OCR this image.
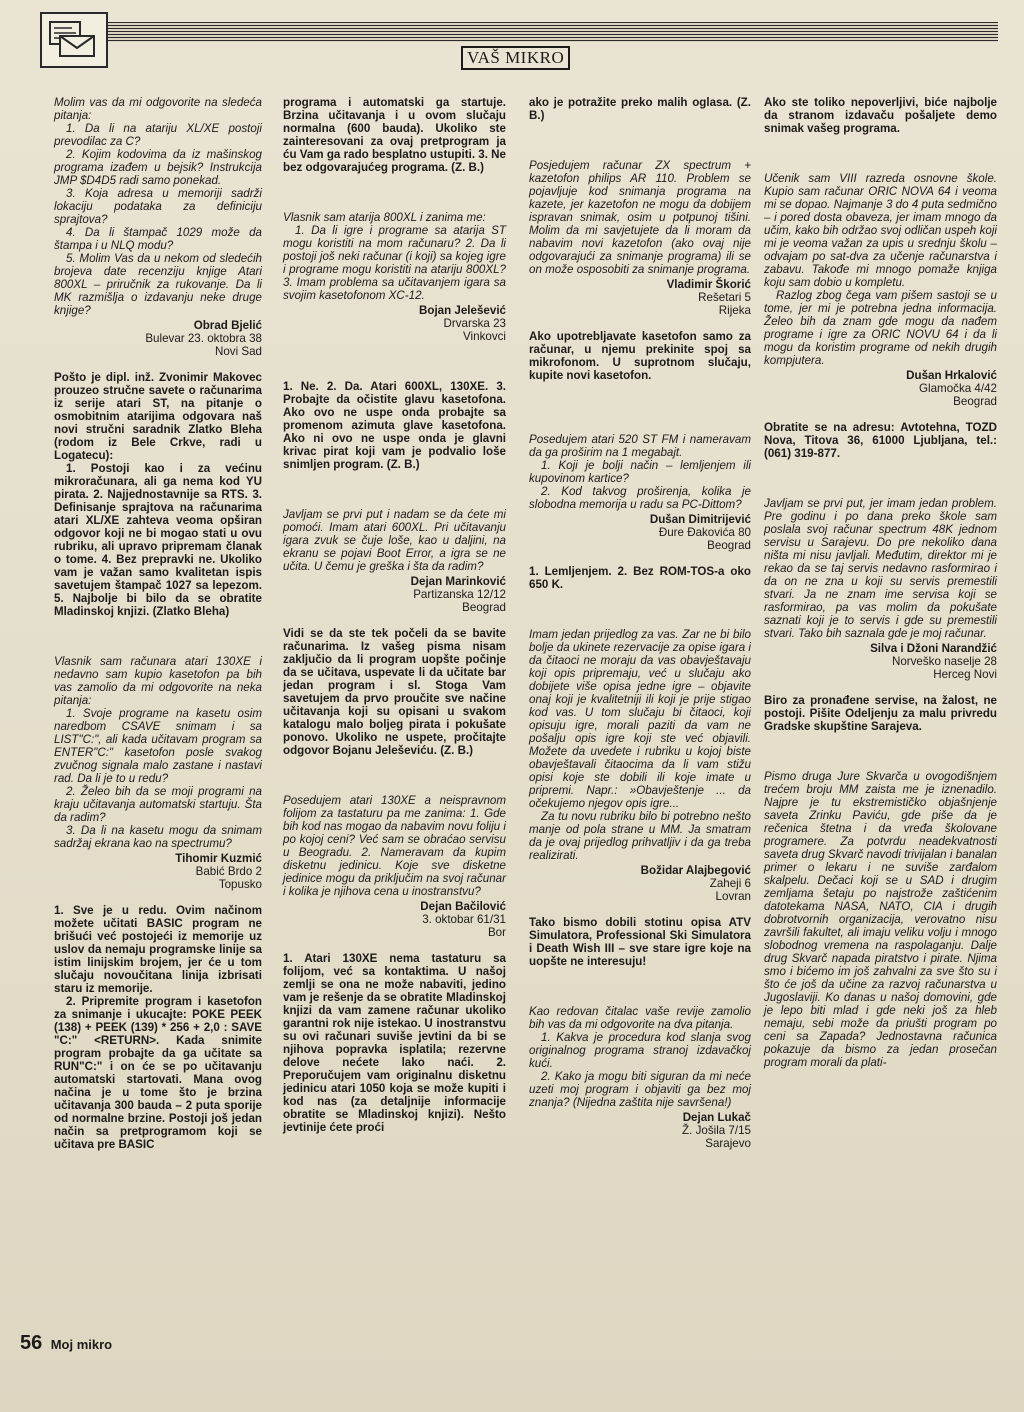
VAŠ MIKRO

Molim vas da mi odgovorite na sledeća pitanja:

1. Da li na atariju XL/XE postoji prevodilac za C?

2. Kojim kodovima da iz mašinskog programa izađem u bejsik? Instrukcija JMP $D4D5 radi samo ponekad.

3. Koja adresa u memoriji sadrži lokaciju podataka za definiciju sprajtova?

4. Da li štampač 1029 može da štampa i u NLQ modu?

5. Molim Vas da u nekom od sledećih brojeva date recenziju knjige Atari 800XL – priručnik za rukovanje. Da li MK razmišlja o izdavanju neke druge knjige?

Obrad Bjelić
Bulevar 23. oktobra 38
Novi Sad

Pošto je dipl. inž. Zvonimir Makovec prouzeo stručne savete o računarima iz serije atari ST, na pitanje o osmobitnim atarijima odgovara naš novi stručni saradnik Zlatko Bleha (rodom iz Bele Crkve, radi u Logatecu):

1. Postoji kao i za većinu mikroračunara, ali ga nema kod YU pirata. 2. Najjednostavnije sa RTS. 3. Definisanje sprajtova na računarima atari XL/XE zahteva veoma opširan odgovor koji ne bi mogao stati u ovu rubriku, ali upravo pripremam članak o tome. 4. Bez prepravki ne. Ukoliko vam je važan samo kvalitetan ispis savetujem štampač 1027 sa lepezom. 5. Najbolje bi bilo da se obratite Mladinskoj knjizi. (Zlatko Bleha)

Vlasnik sam računara atari 130XE i nedavno sam kupio kasetofon pa bih vas zamolio da mi odgovorite na neka pitanja:

1. Svoje programe na kasetu osim naredbom CSAVE snimam i sa LIST"C:", ali kada učitavam program sa ENTER"C:" kasetofon posle svakog zvučnog signala malo zastane i nastavi rad. Da li je to u redu?

2. Želeo bih da se moji programi na kraju učitavanja automatski startuju. Šta da radim?

3. Da li na kasetu mogu da snimam sadržaj ekrana kao na spectrumu?

Tihomir Kuzmić
Babić Brdo 2
Topusko

1. Sve je u redu. Ovim načinom možete učitati BASIC program ne brišući već postojeći iz memorije uz uslov da nemaju programske linije sa istim linijskim brojem, jer će u tom slučaju novoučitana linija izbrisati staru iz memorije.

2. Pripremite program i kasetofon za snimanje i ukucajte: POKE PEEK (138) + PEEK (139) * 256 + 2,0 : SAVE "C:" <RETURN>. Kada snimite program probajte da ga učitate sa RUN"C:" i on će se po učitavanju automatski startovati. Mana ovog načina je u tome što je brzina učitavanja 300 bauda – 2 puta sporije od normalne brzine. Postoji još jedan način sa pretprogramom koji se učitava pre BASIC

programa i automatski ga startuje. Brzina učitavanja i u ovom slučaju normalna (600 bauda). Ukoliko ste zainteresovani za ovaj pretprogram ja ću Vam ga rado besplatno ustupiti. 3. Ne bez odgovarajućeg programa. (Z. B.)

Vlasnik sam atarija 800XL i zanima me:

1. Da li igre i programe sa atarija ST mogu koristiti na mom računaru? 2. Da li postoji još neki računar (i koji) sa kojeg igre i programe mogu koristiti na atariju 800XL? 3. Imam problema sa učitavanjem igara sa svojim kasetofonom XC-12.

Bojan Jelešević
Drvarska 23
Vinkovci

1. Ne. 2. Da. Atari 600XL, 130XE. 3. Probajte da očistite glavu kasetofona. Ako ovo ne uspe onda probajte sa promenom azimuta glave kasetofona. Ako ni ovo ne uspe onda je glavni krivac pirat koji vam je podvalio loše snimljen program. (Z. B.)

Javljam se prvi put i nadam se da ćete mi pomoći. Imam atari 600XL. Pri učitavanju igara zvuk se čuje lošе, kao u daljini, na ekranu se pojavi Boot Error, a igra se ne učita. U čemu je greška i šta da radim?

Dejan Marinković
Partizanska 12/12
Beograd

Vidi se da ste tek počeli da se bavite računarima. Iz vašeg pisma nisam zaključio da li program uopšte počinje da se učitava, uspevate li da učitate bar jedan program i sl. Stoga Vam savetujem da prvo proučite sve načine učitavanja koji su opisani u svakom katalogu malo boljeg pirata i pokušate ponovo. Ukoliko ne uspete, pročitajte odgovor Bojanu Jeleševiću. (Z. B.)

Posedujem atari 130XE a neispravnom folijom za tastaturu pa me zanima: 1. Gde bih kod nas mogao da nabavim novu foliju i po kojoj ceni? Već sam se obraćao servisu u Beogradu. 2. Nameravam da kupim disketnu jedinicu. Koje sve disketne jedinice mogu da priključim na svoj računar i kolika je njihova cena u inostranstvu?

Dejan Bačilović
3. oktobar 61/31
Bor

1. Atari 130XE nema tastaturu sa folijom, već sa kontaktima. U našoj zemlji se ona ne može nabaviti, jedino vam je rešenje da se obratite Mladinskoj knjizi da vam zamene računar ukoliko garantni rok nije istekao. U inostranstvu su ovi računari suviše jevtini da bi se njihova popravka isplatila; rezervne delove nećete lako naći. 2. Preporučujem vam originalnu disketnu jedinicu atari 1050 koja se može kupiti i kod nas (za detaljnije informacije obratite se Mladinskoj knjizi). Nešto jevtinije ćete proći

ako je potražite preko malih oglasa. (Z. B.)

Posjedujem računar ZX spectrum + kazetofon philips AR 110. Problem se pojavljuje kod snimanja programa na kazete, jer kazetofon ne mogu da dobijem ispravan snimak, osim u potpunoj tišini. Molim da mi savjetujete da li moram da nabavim novi kazetofon (ako ovaj nije odgovarajući za snimanje programa) ili se on može osposobiti za snimanje programa.

Vladimir Škorić
Rešetari 5
Rijeka

Ako upotrebljavate kasetofon samo za računar, u njemu prekinite spoj sa mikrofonom. U suprotnom slučaju, kupite novi kasetofon.

Posedujem atari 520 ST FM i nameravam da ga proširim na 1 megabajt.

1. Koji je bolji način – lemljenjem ili kupovinom kartice?

2. Kod takvog proširenja, kolika je slobodna memorija u radu sa PC-Dittom?

Dušan Dimitrijević
Đure Đakovića 80
Beograd

1. Lemljenjem. 2. Bez ROM-TOS-a oko 650 K.

Imam jedan prijedlog za vas. Zar ne bi bilo bolje da ukinete rezervacije za opise igara i da čitaoci ne moraju da vas obavještavaju koji opis pripremaju, već u slučaju ako dobijete više opisa jedne igre – objavite onaj koji je kvalitetniji ili koji je prije stigao kod vas. U tom slučaju bi čitaoci, koji opisuju igre, morali paziti da vam ne pošalju opis igre koji ste već objavili. Možete da uvedete i rubriku u kojoj biste obavještavali čitaocima da li vam stižu opisi koje ste dobili ili koje imate u pripremi. Napr.: »Obavještenje ... da očekujemo njegov opis igre...

Za tu novu rubriku bilo bi potrebno nešto manje od pola strane u MM. Ja smatram da je ovaj prijedlog prihvatljiv i da ga treba realizirati.

Božidar Alajbegović
Zaheji 6
Lovran

Tako bismo dobili stotinu opisa ATV Simulatora, Professional Ski Simulatora i Death Wish III – sve stare igre koje na uopšte ne interesuju!

Kao redovan čitalac vaše revije zamolio bih vas da mi odgovorite na dva pitanja.

1. Kakva je procedura kod slanja svog originalnog programa stranoj izdavačkoj kući.

2. Kako ja mogu biti siguran da mi neće uzeti moj program i objaviti ga bez moj znanja? (Nijedna zaštita nije savršena!)

Dejan Lukač
Ž. Jošila 7/15
Sarajevo

Ako ste toliko nepoverljivi, biće najbolje da stranom izdavaču pošaljete demo snimak vašeg programa.

Učenik sam VIII razreda osnovne škole. Kupio sam računar ORIC NOVA 64 i veoma mi se dopao. Najmanje 3 do 4 puta sedmično – i pored dosta obaveza, jer imam mnogo da učim, kako bih održao svoj odličan uspeh koji mi je veoma važan za upis u srednju školu – odvajam po sat-dva za učenje računarstva i zabavu. Takođe mi mnogo pomaže knjiga koju sam dobio u kompletu.

Razlog zbog čega vam pišem sastoji se u tome, jer mi je potrebna jedna informacija. Želeo bih da znam gde mogu da nađem programe i igre za ORIC NOVU 64 i da li mogu da koristim programe od nekih drugih kompjutera.

Dušan Hrkalović
Glamočka 4/42
Beograd

Obratite se na adresu: Avtotehna, TOZD Nova, Titova 36, 61000 Ljubljana, tel.: (061) 319-877.

Javljam se prvi put, jer imam jedan problem. Pre godinu i po dana preko škole sam poslala svoj računar spectrum 48K jednom servisu u Sarajevu. Do pre nekoliko dana ništa mi nisu javljali. Međutim, direktor mi je rekao da se taj servis nedavno rasformirao i da on ne zna u koji su servis premestili stvari. Ja ne znam ime servisa koji se rasformirao, pa vas molim da pokušate saznati koji je to servis i gde su premestili stvari. Tako bih saznala gde je moj računar.

Silva i Džoni Narandžić
Norveško naselje 28
Herceg Novi

Biro za pronađene servise, na žalost, ne postoji. Pišite Odeljenju za malu privredu Gradske skupštine Sarajeva.

Pismo druga Jure Skvarča u ovogodišnjem trećem broju MM zaista me je iznenadilo. Najpre je tu ekstremističko objašnjenje saveta Zrinku Paviću, gde piše da je rečenica štetna i da vređa školovane programere. Za potvrdu neadekvatnosti saveta drug Skvarč navodi trivijalan i banalan primer o lekaru i ne suviše zarđalom skalpelu. Dečaci koji se u SAD i drugim zemljama šetaju po najstrože zaštićenim datotekama NASA, NATO, CIA i drugih dobrotvornih organizacija, verovatno nisu završili fakultet, ali imaju veliku volju i mnogo slobodnog vremena na raspolaganju. Dalje drug Skvarč napada piratstvo i pirate. Njima smo i bićemo im još zahvalni za sve što su i što će još da učine za razvoj računarstva u Jugoslaviji. Ko danas u našoj domovini, gde je lepo biti mlad i gde neki još za hleb nemaju, sebi može da priušti program po ceni sa Zapada? Jednostavna računica pokazuje da bismo za jedan prosečan program morali da plati-

56 Moj mikro
